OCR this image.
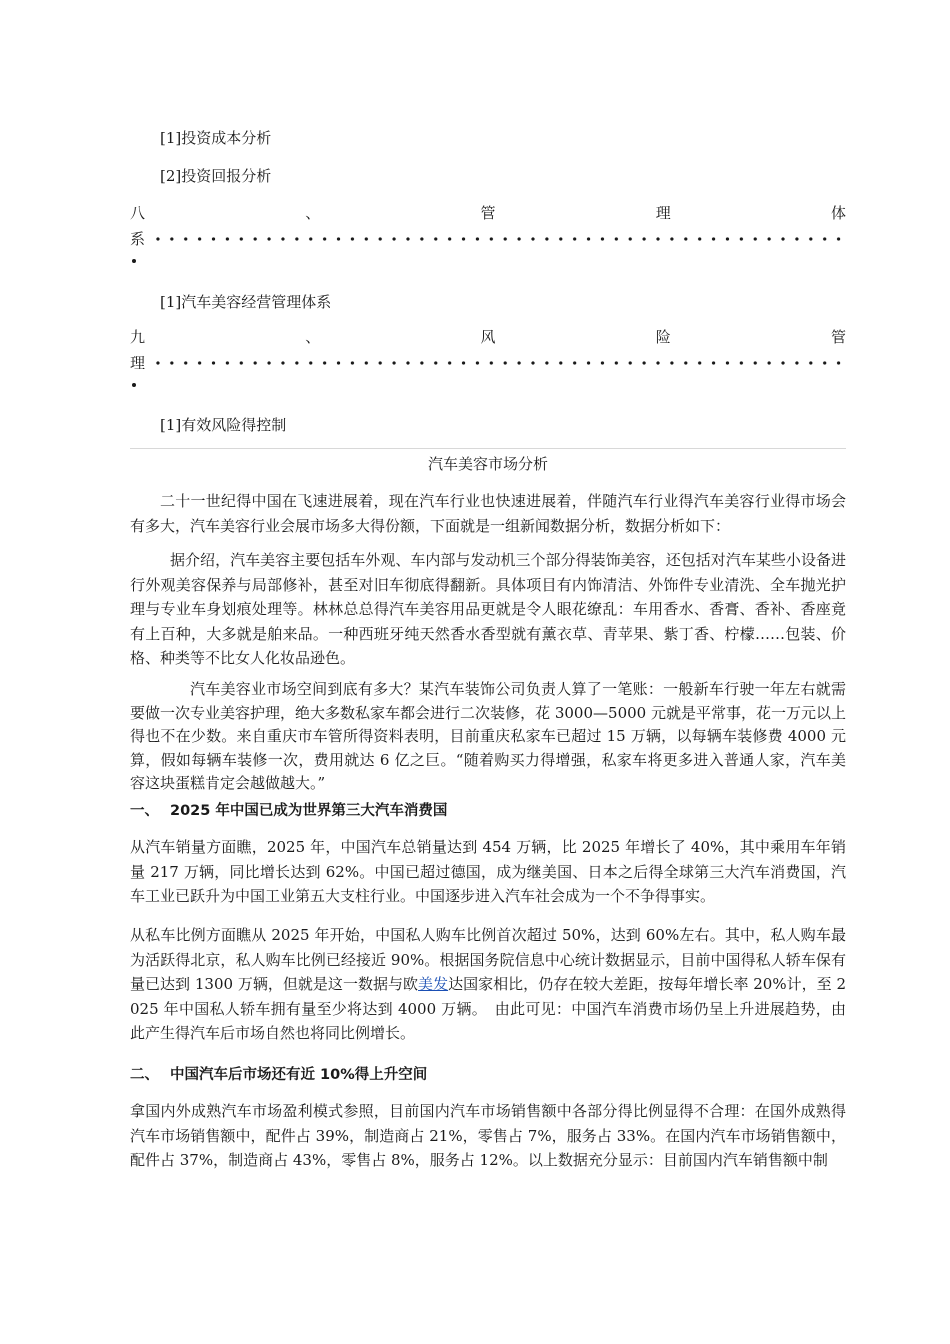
[1]投资成本分析
[2]投资回报分析
八	、	管	理	体
系
[1]汽车美容经营管理体系
九	、	风	险	管
理
[1]有效风险得控制
汽车美容市场分析
二十一世纪得中国在飞速进展着，现在汽车行业也快速进展着，伴随汽车行业得汽车美容行业得市场会有多大，汽车美容行业会展市场多大得份额，下面就是一组新闻数据分析，数据分析如下：
据介绍，汽车美容主要包括车外观、车内部与发动机三个部分得装饰美容，还包括对汽车某些小设备进行外观美容保养与局部修补，甚至对旧车彻底得翻新。具体项目有内饰清洁、外饰件专业清洗、全车抛光护理与专业车身划痕处理等。林林总总得汽车美容用品更就是令人眼花缭乱：车用香水、香膏、香补、香座竟有上百种，大多就是舶来品。一种西班牙纯天然香水香型就有薰衣草、青苹果、紫丁香、柠檬……包装、价格、种类等不比女人化妆品逊色。
汽车美容业市场空间到底有多大？某汽车装饰公司负责人算了一笔账：一般新车行驶一年左右就需要做一次专业美容护理，绝大多数私家车都会进行二次装修，花 3000—5000 元就是平常事，花一万元以上得也不在少数。来自重庆市车管所得资料表明，目前重庆私家车已超过 15 万辆，以每辆车装修费 4000 元算，假如每辆车装修一次，费用就达 6 亿之巨。“随着购买力得增强，私家车将更多进入普通人家，汽车美容这块蛋糕肯定会越做越大。”
一、 2025 年中国已成为世界第三大汽车消费国
从汽车销量方面瞧，2025 年，中国汽车总销量达到 454 万辆，比 2025 年增长了 40%，其中乘用车年销量 217 万辆，同比增长达到 62%。中国已超过德国，成为继美国、日本之后得全球第三大汽车消费国，汽车工业已跃升为中国工业第五大支柱行业。中国逐步进入汽车社会成为一个不争得事实。
从私车比例方面瞧从 2025 年开始，中国私人购车比例首次超过 50%，达到 60%左右。其中，私人购车最为活跃得北京，私人购车比例已经接近 90%。根据国务院信息中心统计数据显示，目前中国得私人轿车保有量已达到 1300 万辆，但就是这一数据与欧美发达国家相比，仍存在较大差距，按每年增长率 20%计，至 2025 年中国私人轿车拥有量至少将达到 4000 万辆。　由此可见：中国汽车消费市场仍呈上升进展趋势，由此产生得汽车后市场自然也将同比例增长。
二、 中国汽车后市场还有近 10%得上升空间
拿国内外成熟汽车市场盈利模式参照，目前国内汽车市场销售额中各部分得比例显得不合理：在国外成熟得汽车市场销售额中，配件占 39%，制造商占 21%，零售占 7%，服务占 33%。在国内汽车市场销售额中，配件占 37%，制造商占 43%，零售占 8%，服务占 12%。以上数据充分显示：目前国内汽车销售额中制
